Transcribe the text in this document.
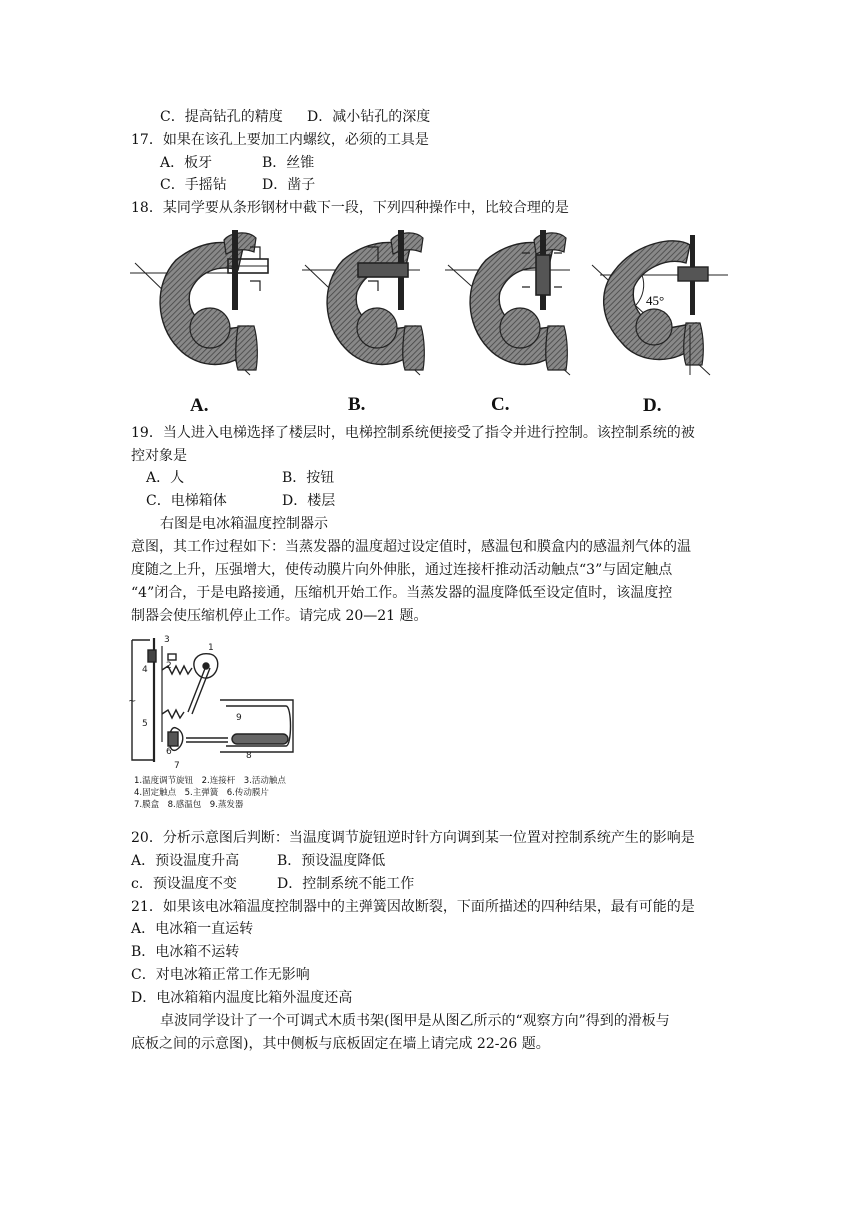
C．提高钻孔的精度 D．减小钻孔的深度
17．如果在该孔上要加工内螺纹，必须的工具是
A．板牙	B．丝锥
C．手摇钻	D．凿子
18．某同学要从条形钢材中截下一段，下列四种操作中，比较合理的是
45°
A.	B.	C.	D.
19．当人进入电梯选择了楼层时，电梯控制系统便接受了指令并进行控制。该控制系统的被
控对象是
A．人	B．按钮
C．电梯箱体	D．楼层
右图是电冰箱温度控制器示
意图，其工作过程如下：当蒸发器的温度超过设定值时，感温包和膜盒内的感温剂气体的温
度随之上升，压强增大，使传动膜片向外伸胀，通过连接杆推动活动触点“3”与固定触点
“4”闭合，于是电路接通，压缩机开始工作。当蒸发器的温度降低至设定值时，该温度控
制器会使压缩机停止工作。请完成 20—21 题。
~
1
2
3
4
5
6
7
8
9
1.温度调节旋钮　2.连接杆　3.活动触点
4.固定触点　5.主弹簧　6.传动膜片
7.膜盒　8.感温包　9.蒸发器
20．分析示意图后判断：当温度调节旋钮逆时针方向调到某一位置对控制系统产生的影响是
A．预设温度升高	B．预设温度降低
c．预设温度不变	D．控制系统不能工作
21．如果该电冰箱温度控制器中的主弹簧因故断裂，下面所描述的四种结果，最有可能的是
A．电冰箱一直运转
B．电冰箱不运转
C．对电冰箱正常工作无影响
D．电冰箱箱内温度比箱外温度还高
卓波同学设计了一个可调式木质书架(图甲是从图乙所示的“观察方向”得到的滑板与
底板之间的示意图)，其中侧板与底板固定在墙上请完成 22-26 题。
